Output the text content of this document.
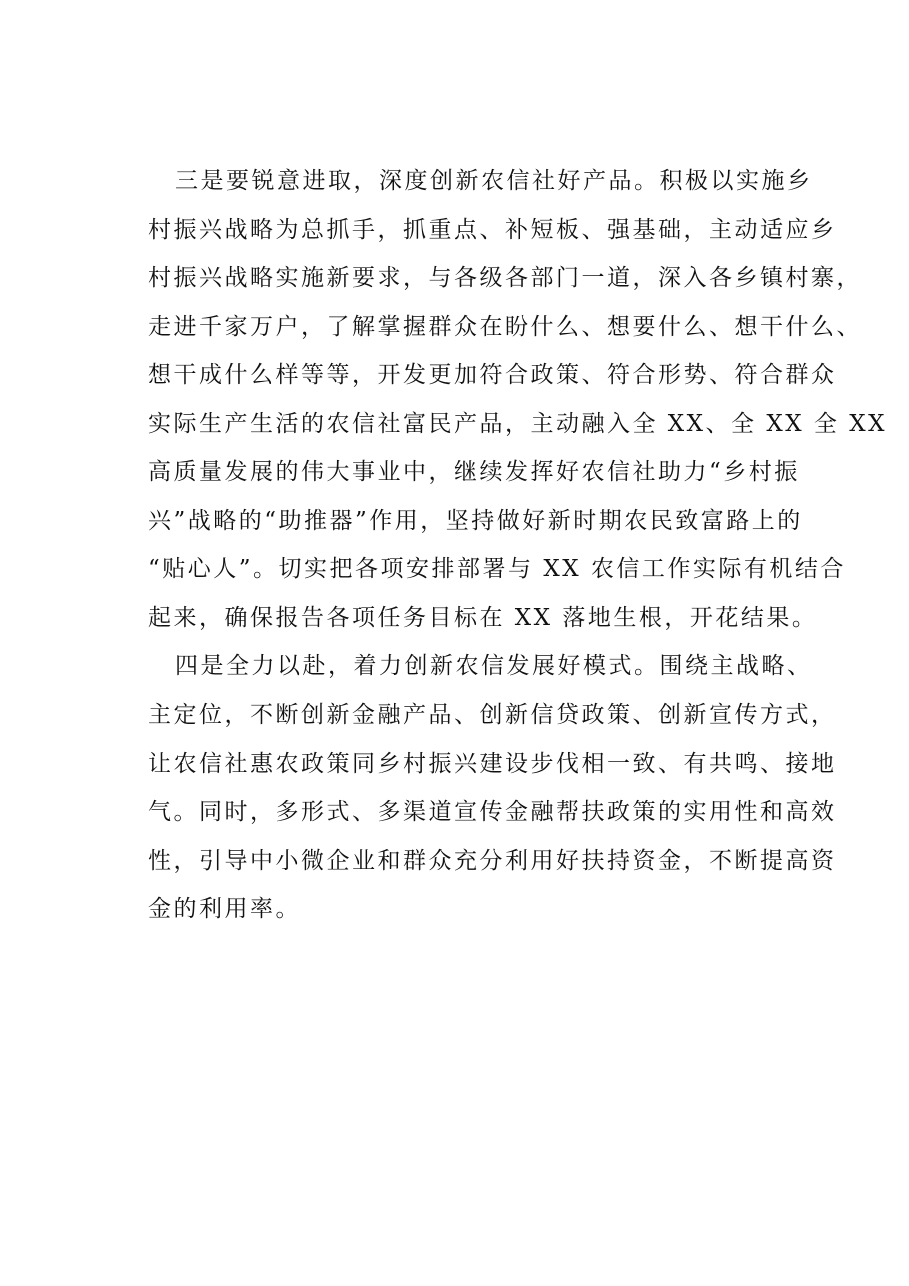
三是要锐意进取，深度创新农信社好产品。积极以实施乡
村振兴战略为总抓手，抓重点、补短板、强基础，主动适应乡
村振兴战略实施新要求，与各级各部门一道，深入各乡镇村寨，
走进千家万户，了解掌握群众在盼什么、想要什么、想干什么、
想干成什么样等等，开发更加符合政策、符合形势、符合群众
实际生产生活的农信社富民产品，主动融入全 XX、全 XX 全 XX
高质量发展的伟大事业中，继续发挥好农信社助力“乡村振
兴”战略的“助推器”作用，坚持做好新时期农民致富路上的
“贴心人”。切实把各项安排部署与 XX 农信工作实际有机结合
起来，确保报告各项任务目标在 XX 落地生根，开花结果。
四是全力以赴，着力创新农信发展好模式。围绕主战略、
主定位，不断创新金融产品、创新信贷政策、创新宣传方式，
让农信社惠农政策同乡村振兴建设步伐相一致、有共鸣、接地
气。同时，多形式、多渠道宣传金融帮扶政策的实用性和高效
性，引导中小微企业和群众充分利用好扶持资金，不断提高资
金的利用率。
